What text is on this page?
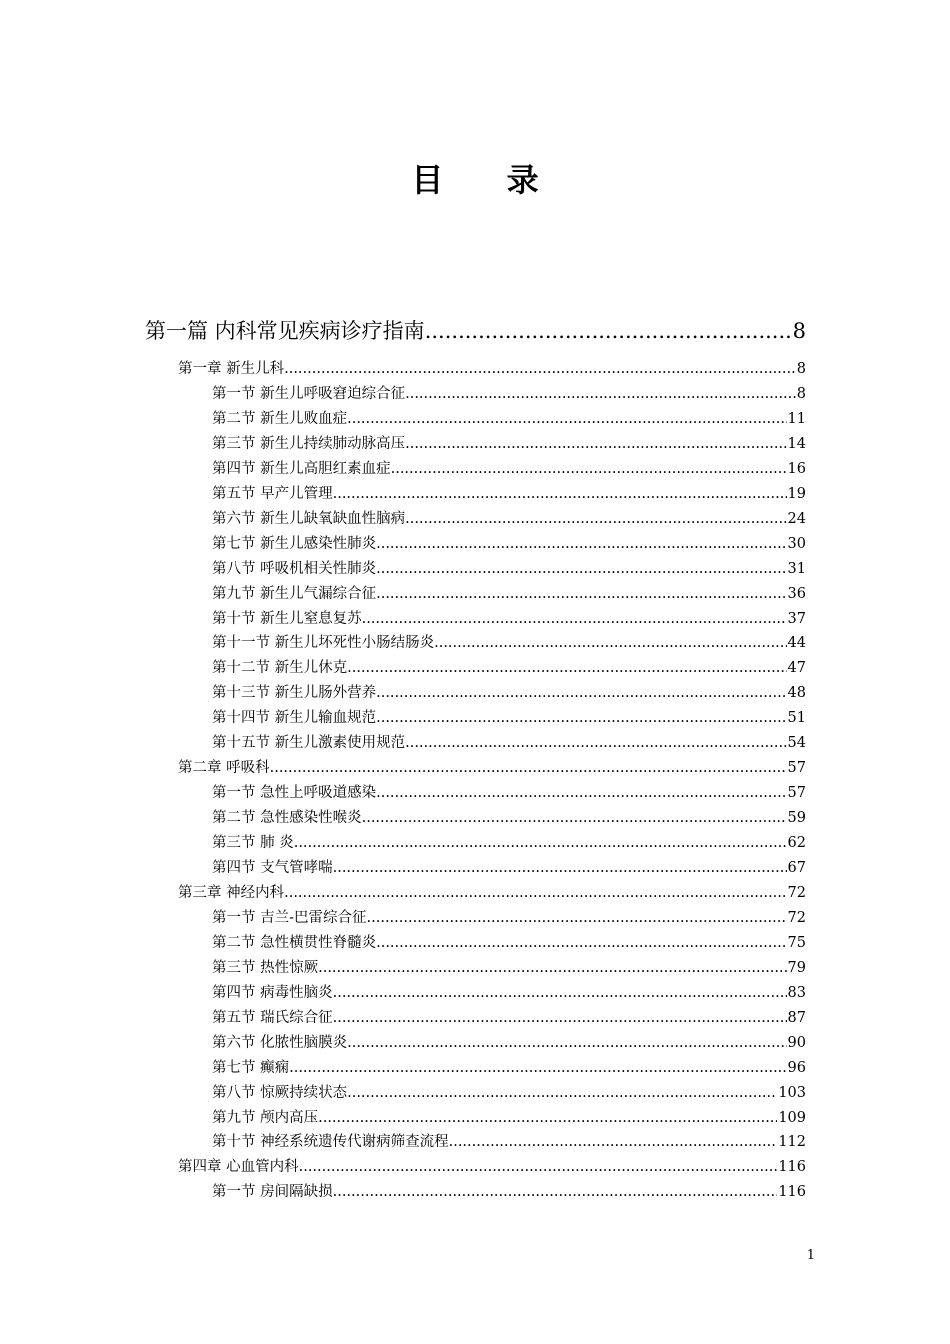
目 录
第一篇 内科常见疾病诊疗指南 .....	8
第一章 新生儿科 .....	8
第一节 新生儿呼吸窘迫综合征 .....	8
第二节 新生儿败血症 .....	11
第三节 新生儿持续肺动脉高压 .....	14
第四节 新生儿高胆红素血症 .....	16
第五节 早产儿管理 .....	19
第六节 新生儿缺氧缺血性脑病 .....	24
第七节 新生儿感染性肺炎 .....	30
第八节 呼吸机相关性肺炎 .....	31
第九节 新生儿气漏综合征 .....	36
第十节 新生儿窒息复苏 .....	37
第十一节 新生儿坏死性小肠结肠炎 .....	44
第十二节 新生儿休克 .....	47
第十三节 新生儿肠外营养 .....	48
第十四节 新生儿输血规范 .....	51
第十五节 新生儿激素使用规范 .....	54
第二章 呼吸科 .....	57
第一节 急性上呼吸道感染 .....	57
第二节 急性感染性喉炎 .....	59
第三节 肺 炎 .....	62
第四节 支气管哮喘 .....	67
第三章 神经内科 .....	72
第一节 吉兰-巴雷综合征 .....	72
第二节 急性横贯性脊髓炎 .....	75
第三节 热性惊厥 .....	79
第四节 病毒性脑炎 .....	83
第五节 瑞氏综合征 .....	87
第六节 化脓性脑膜炎 .....	90
第七节 癫痫 .....	96
第八节 惊厥持续状态 .....	103
第九节 颅内高压 .....	109
第十节 神经系统遗传代谢病筛查流程 .....	112
第四章 心血管内科 .....	116
第一节 房间隔缺损 .....	116
1
